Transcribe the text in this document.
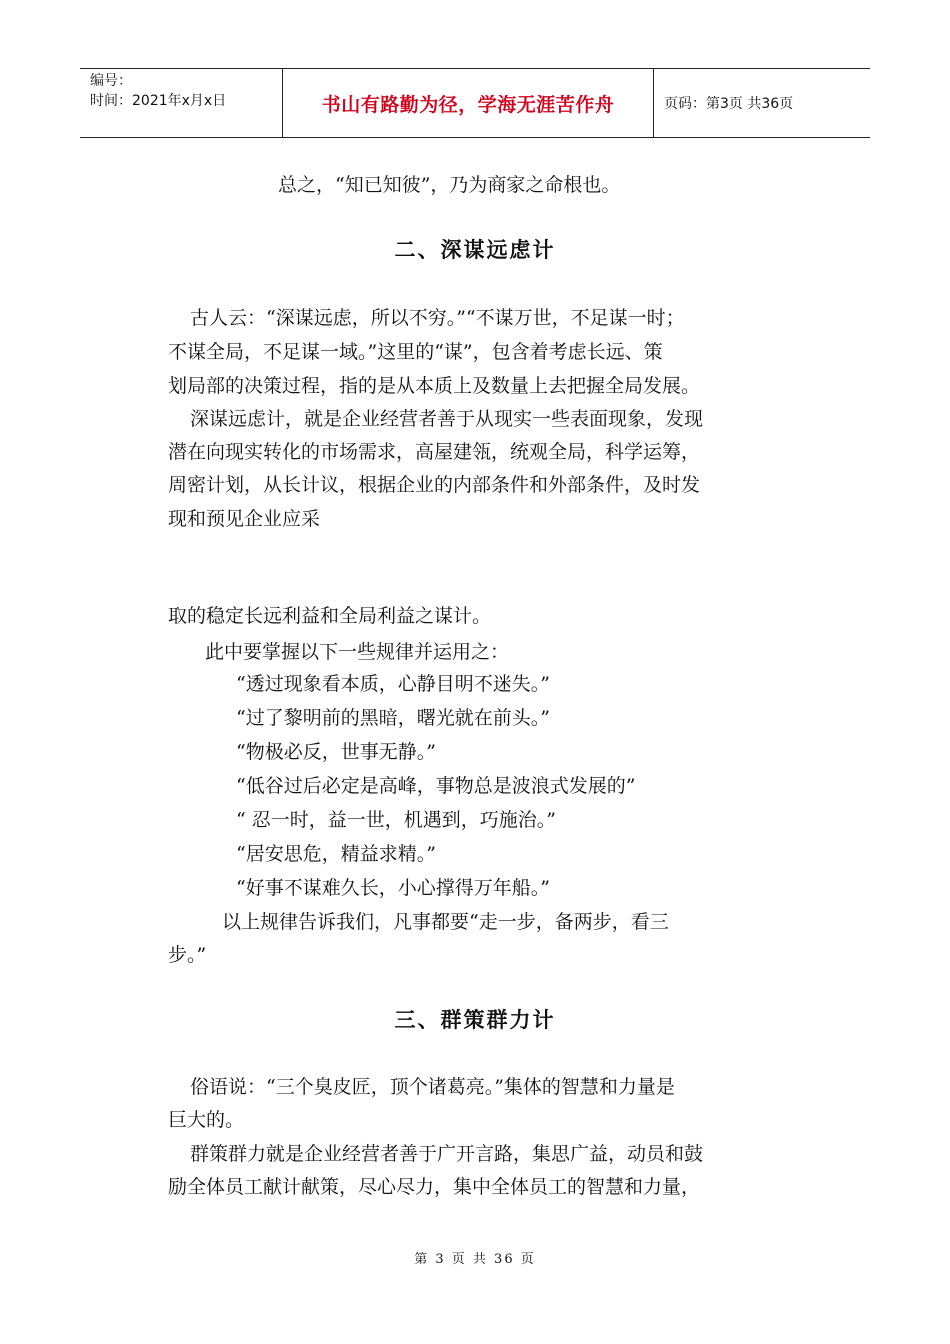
编号：
时间：2021年x月x日	书山有路勤为径，学海无涯苦作舟	页码：第3页 共36页
总之，“知已知彼”，乃为商家之命根也。
二、深谋远虑计
古人云：“深谋远虑，所以不穷。”“不谋万世，不足谋一时；
不谋全局，不足谋一域。”这里的“谋”，包含着考虑长远、策
划局部的决策过程，指的是从本质上及数量上去把握全局发展。
深谋远虑计，就是企业经营者善于从现实一些表面现象，发现
潜在向现实转化的市场需求，高屋建瓴，统观全局，科学运筹，
周密计划，从长计议，根据企业的内部条件和外部条件，及时发
现和预见企业应采
取的稳定长远利益和全局利益之谋计。
此中要掌握以下一些规律并运用之：
“透过现象看本质，心静目明不迷失。”
“过了黎明前的黑暗，曙光就在前头。”
“物极必反，世事无静。”
“低谷过后必定是高峰，事物总是波浪式发展的”
“ 忍一时，益一世，机遇到，巧施治。”
“居安思危，精益求精。”
“好事不谋难久长，小心撑得万年船。”
以上规律告诉我们，凡事都要“走一步，备两步，看三
步。”
三、群策群力计
俗语说：“三个臭皮匠，顶个诸葛亮。”集体的智慧和力量是
巨大的。
群策群力就是企业经营者善于广开言路，集思广益，动员和鼓
励全体员工献计献策，尽心尽力，集中全体员工的智慧和力量，
第 3 页 共 36 页
